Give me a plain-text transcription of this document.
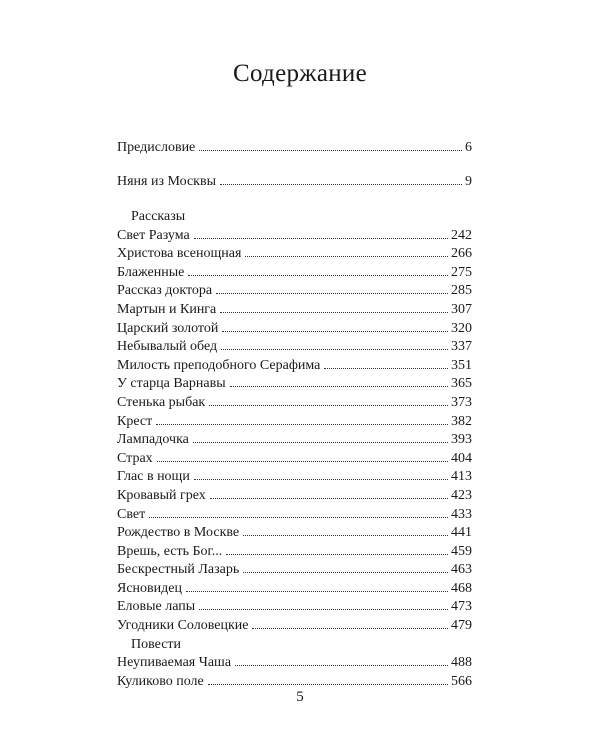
Содержание
Предисловие	6
Няня из Москвы	9
Рассказы
Свет Разума	242
Христова всенощная	266
Блаженные	275
Рассказ доктора	285
Мартын и Кинга	307
Царский золотой	320
Небывалый обед	337
Милость преподобного Серафима	351
У старца Варнавы	365
Стенька рыбак	373
Крест	382
Лампадочка	393
Страх	404
Глас в нощи	413
Кровавый грех	423
Свет	433
Рождество в Москве	441
Врешь, есть Бог...	459
Бескрестный Лазарь	463
Ясновидец	468
Еловые лапы	473
Угодники Соловецкие	479
Повести
Неупиваемая Чаша	488
Куликово поле	566
5
